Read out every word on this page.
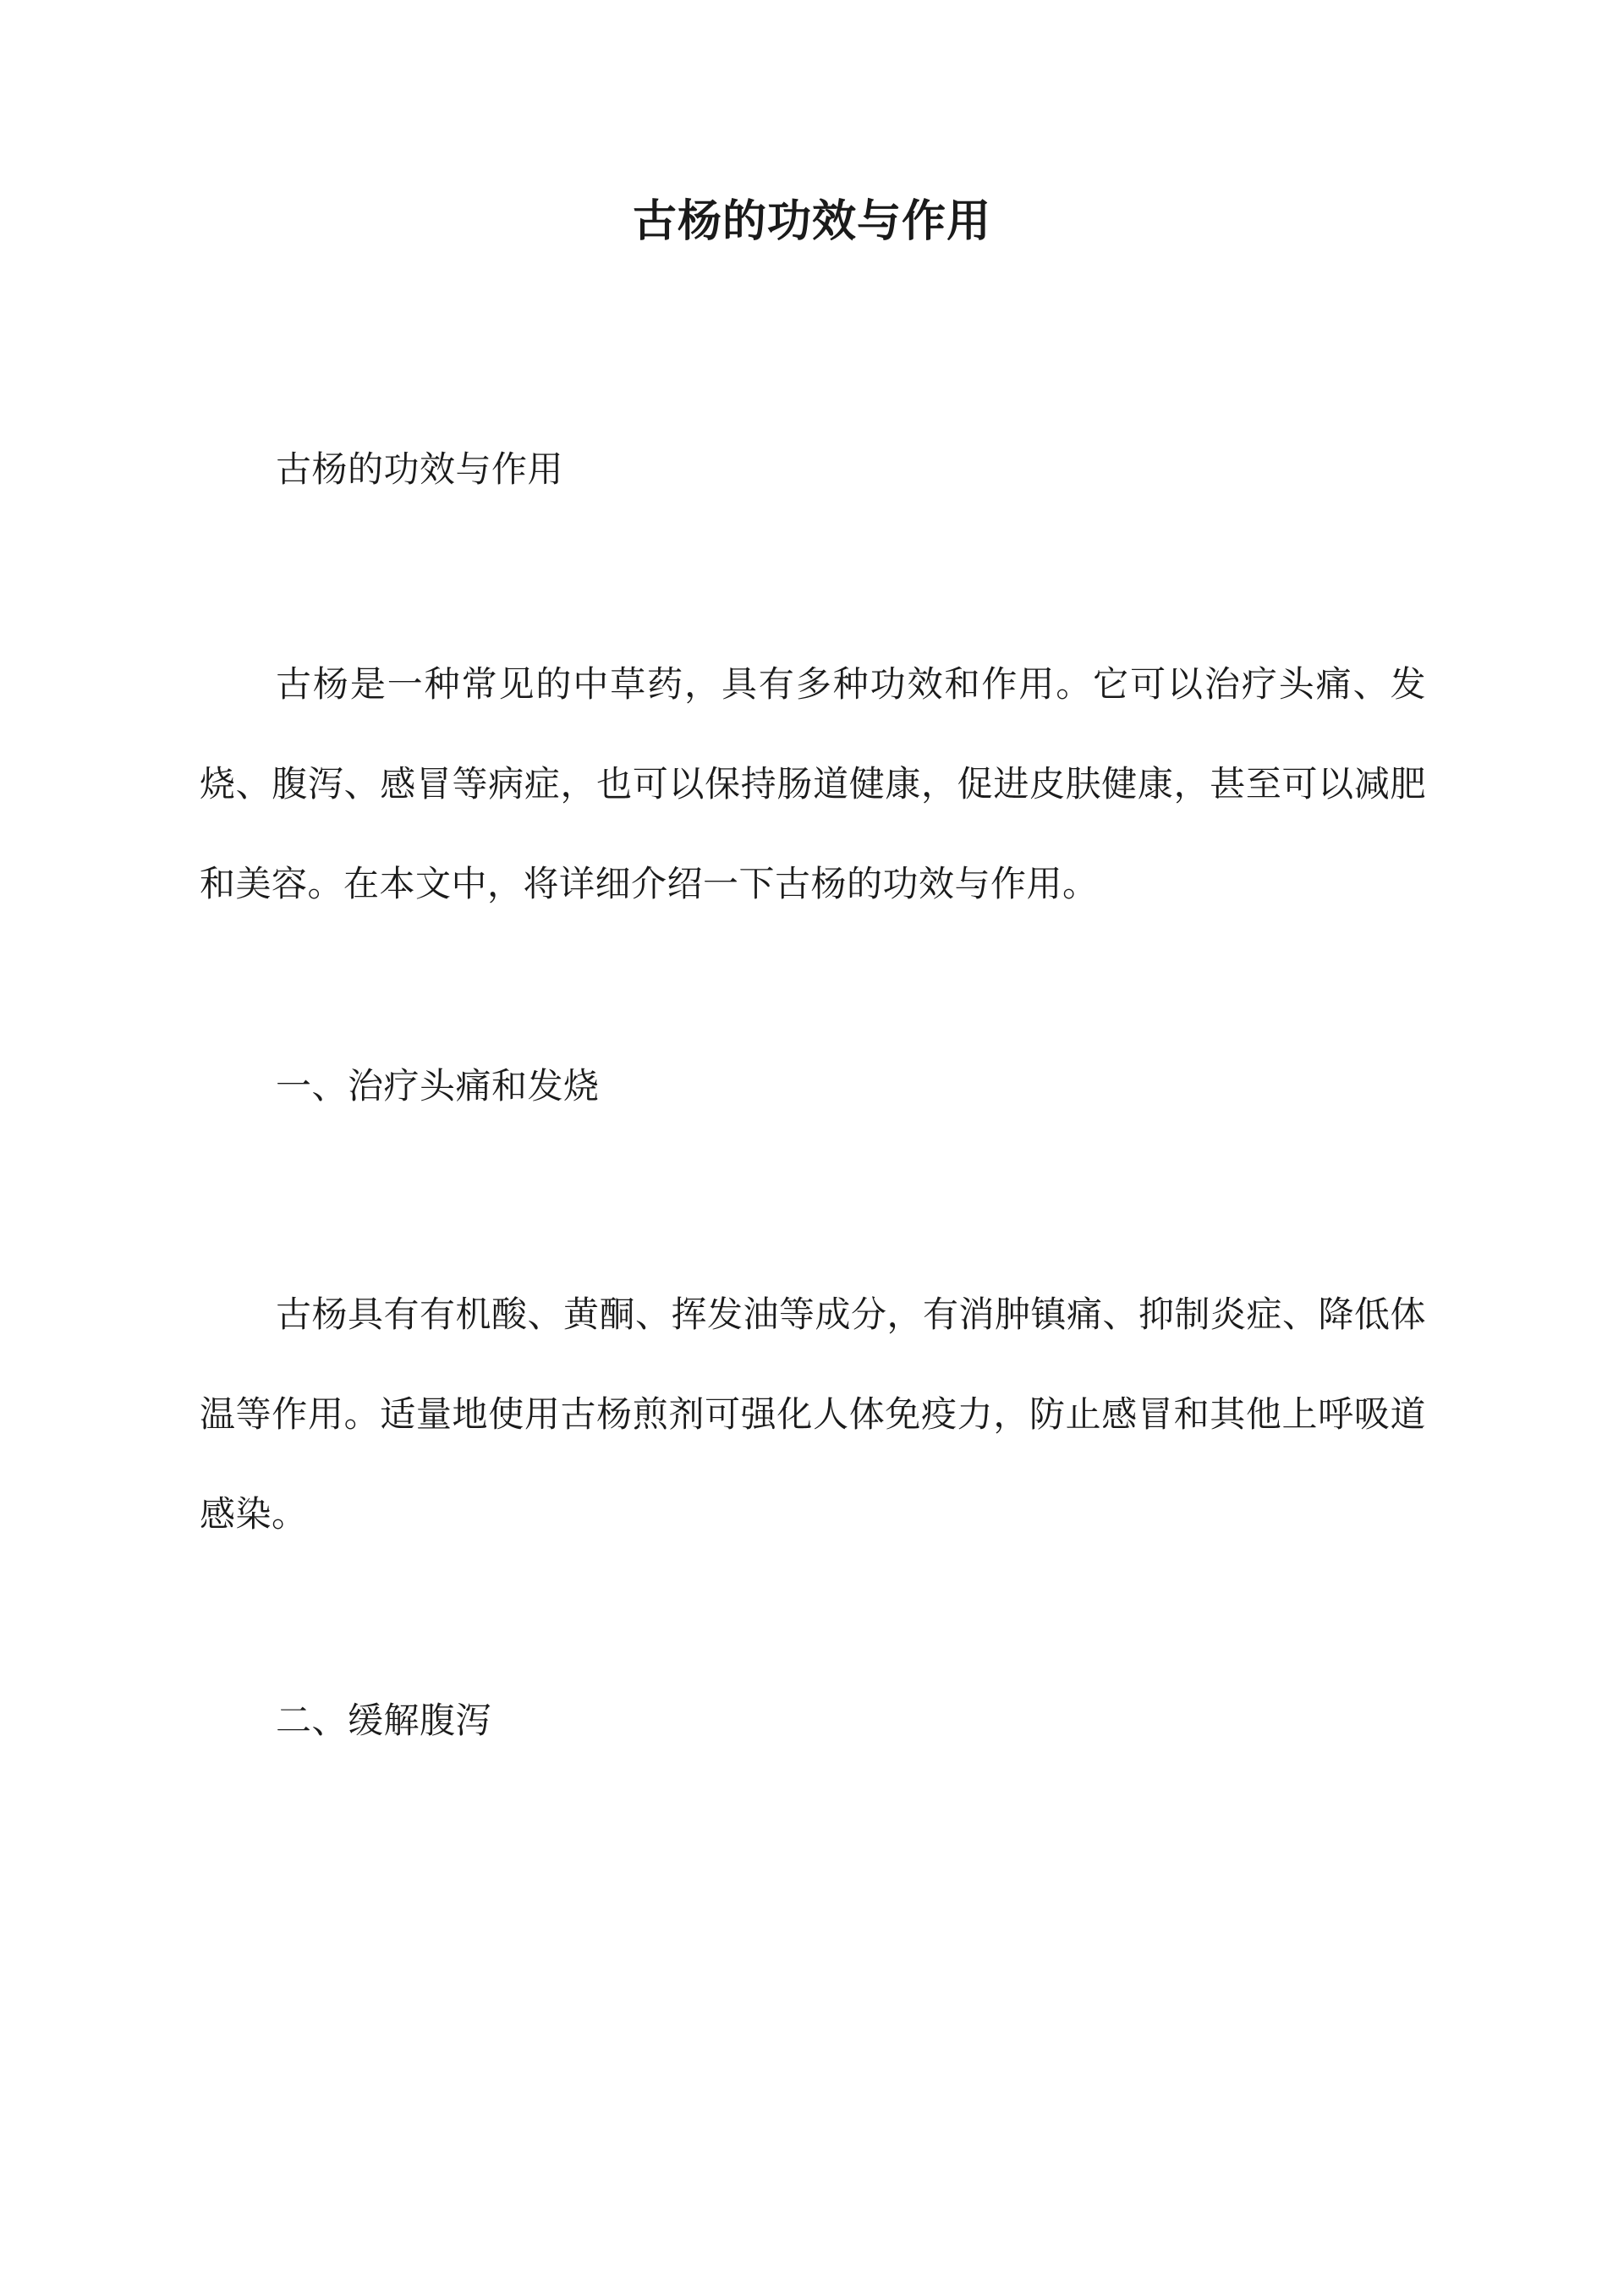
古杨的功效与作用

古杨的功效与作用

古杨是一种常见的中草药，具有多种功效和作用。它可以治疗头痛、发烧、腹泻、感冒等病症，也可以保持肠道健康，促进皮肤健康，甚至可以减肥和美容。在本文中，将详细介绍一下古杨的功效与作用。

一、治疗头痛和发烧

古杨具有有机酸、黄酮、挥发油等成分，有消肿镇痛、抑制炎症、降低体温等作用。适量地使用古杨煎剂可强化人体免疫力，防止感冒和其他上呼吸道感染。

二、缓解腹泻
